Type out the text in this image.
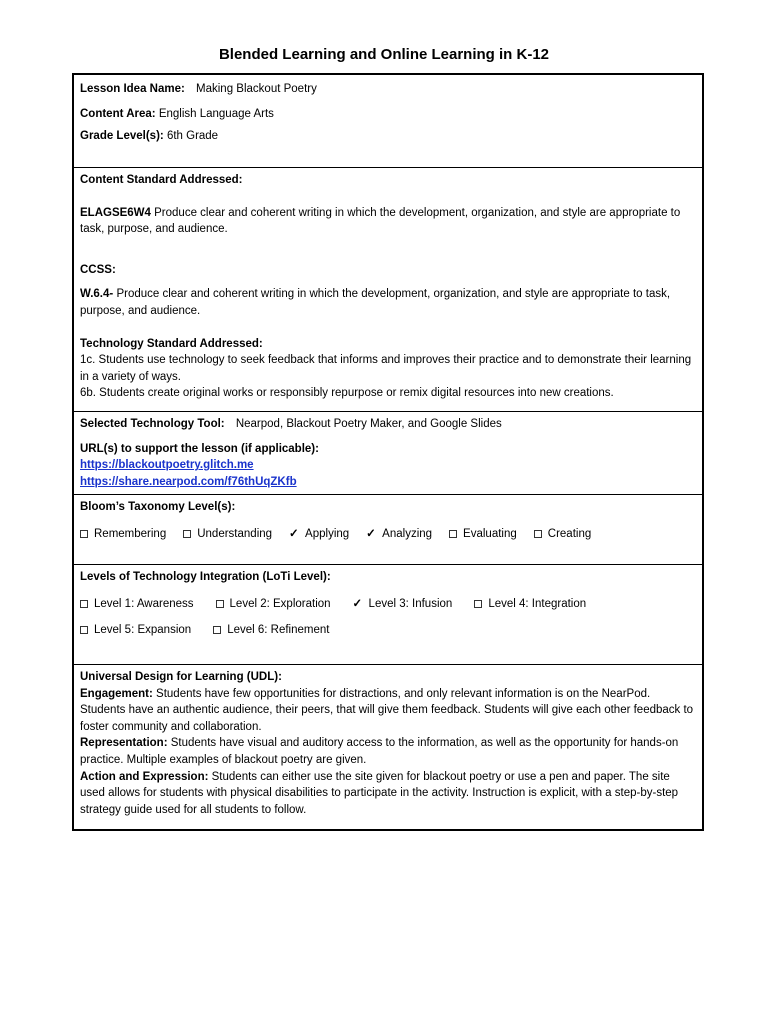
Blended Learning and Online Learning in K-12
Lesson Idea Name: Making Blackout Poetry
Content Area: English Language Arts
Grade Level(s): 6th Grade
Content Standard Addressed:
ELAGSE6W4 Produce clear and coherent writing in which the development, organization, and style are appropriate to task, purpose, and audience.
CCSS:
W.6.4- Produce clear and coherent writing in which the development, organization, and style are appropriate to task, purpose, and audience.
Technology Standard Addressed:
1c. Students use technology to seek feedback that informs and improves their practice and to demonstrate their learning in a variety of ways.
6b. Students create original works or responsibly repurpose or remix digital resources into new creations.
Selected Technology Tool: Nearpod, Blackout Poetry Maker, and Google Slides
URL(s) to support the lesson (if applicable):
https://blackoutpoetry.glitch.me
https://share.nearpod.com/f76thUqZKfb
Bloom’s Taxonomy Level(s):
Remembering	Understanding ✓ Applying ✓ Analyzing	Evaluating	Creating
Levels of Technology Integration (LoTi Level):
Level 1: Awareness	Level 2: Exploration ✓ Level 3: Infusion	Level 4: Integration
Level 5: Expansion	Level 6: Refinement
Universal Design for Learning (UDL):
Engagement: Students have few opportunities for distractions, and only relevant information is on the NearPod. Students have an authentic audience, their peers, that will give them feedback. Students will give each other feedback to foster community and collaboration.
Representation: Students have visual and auditory access to the information, as well as the opportunity for hands-on practice. Multiple examples of blackout poetry are given.
Action and Expression: Students can either use the site given for blackout poetry or use a pen and paper. The site used allows for students with physical disabilities to participate in the activity. Instruction is explicit, with a step-by-step strategy guide used for all students to follow.
